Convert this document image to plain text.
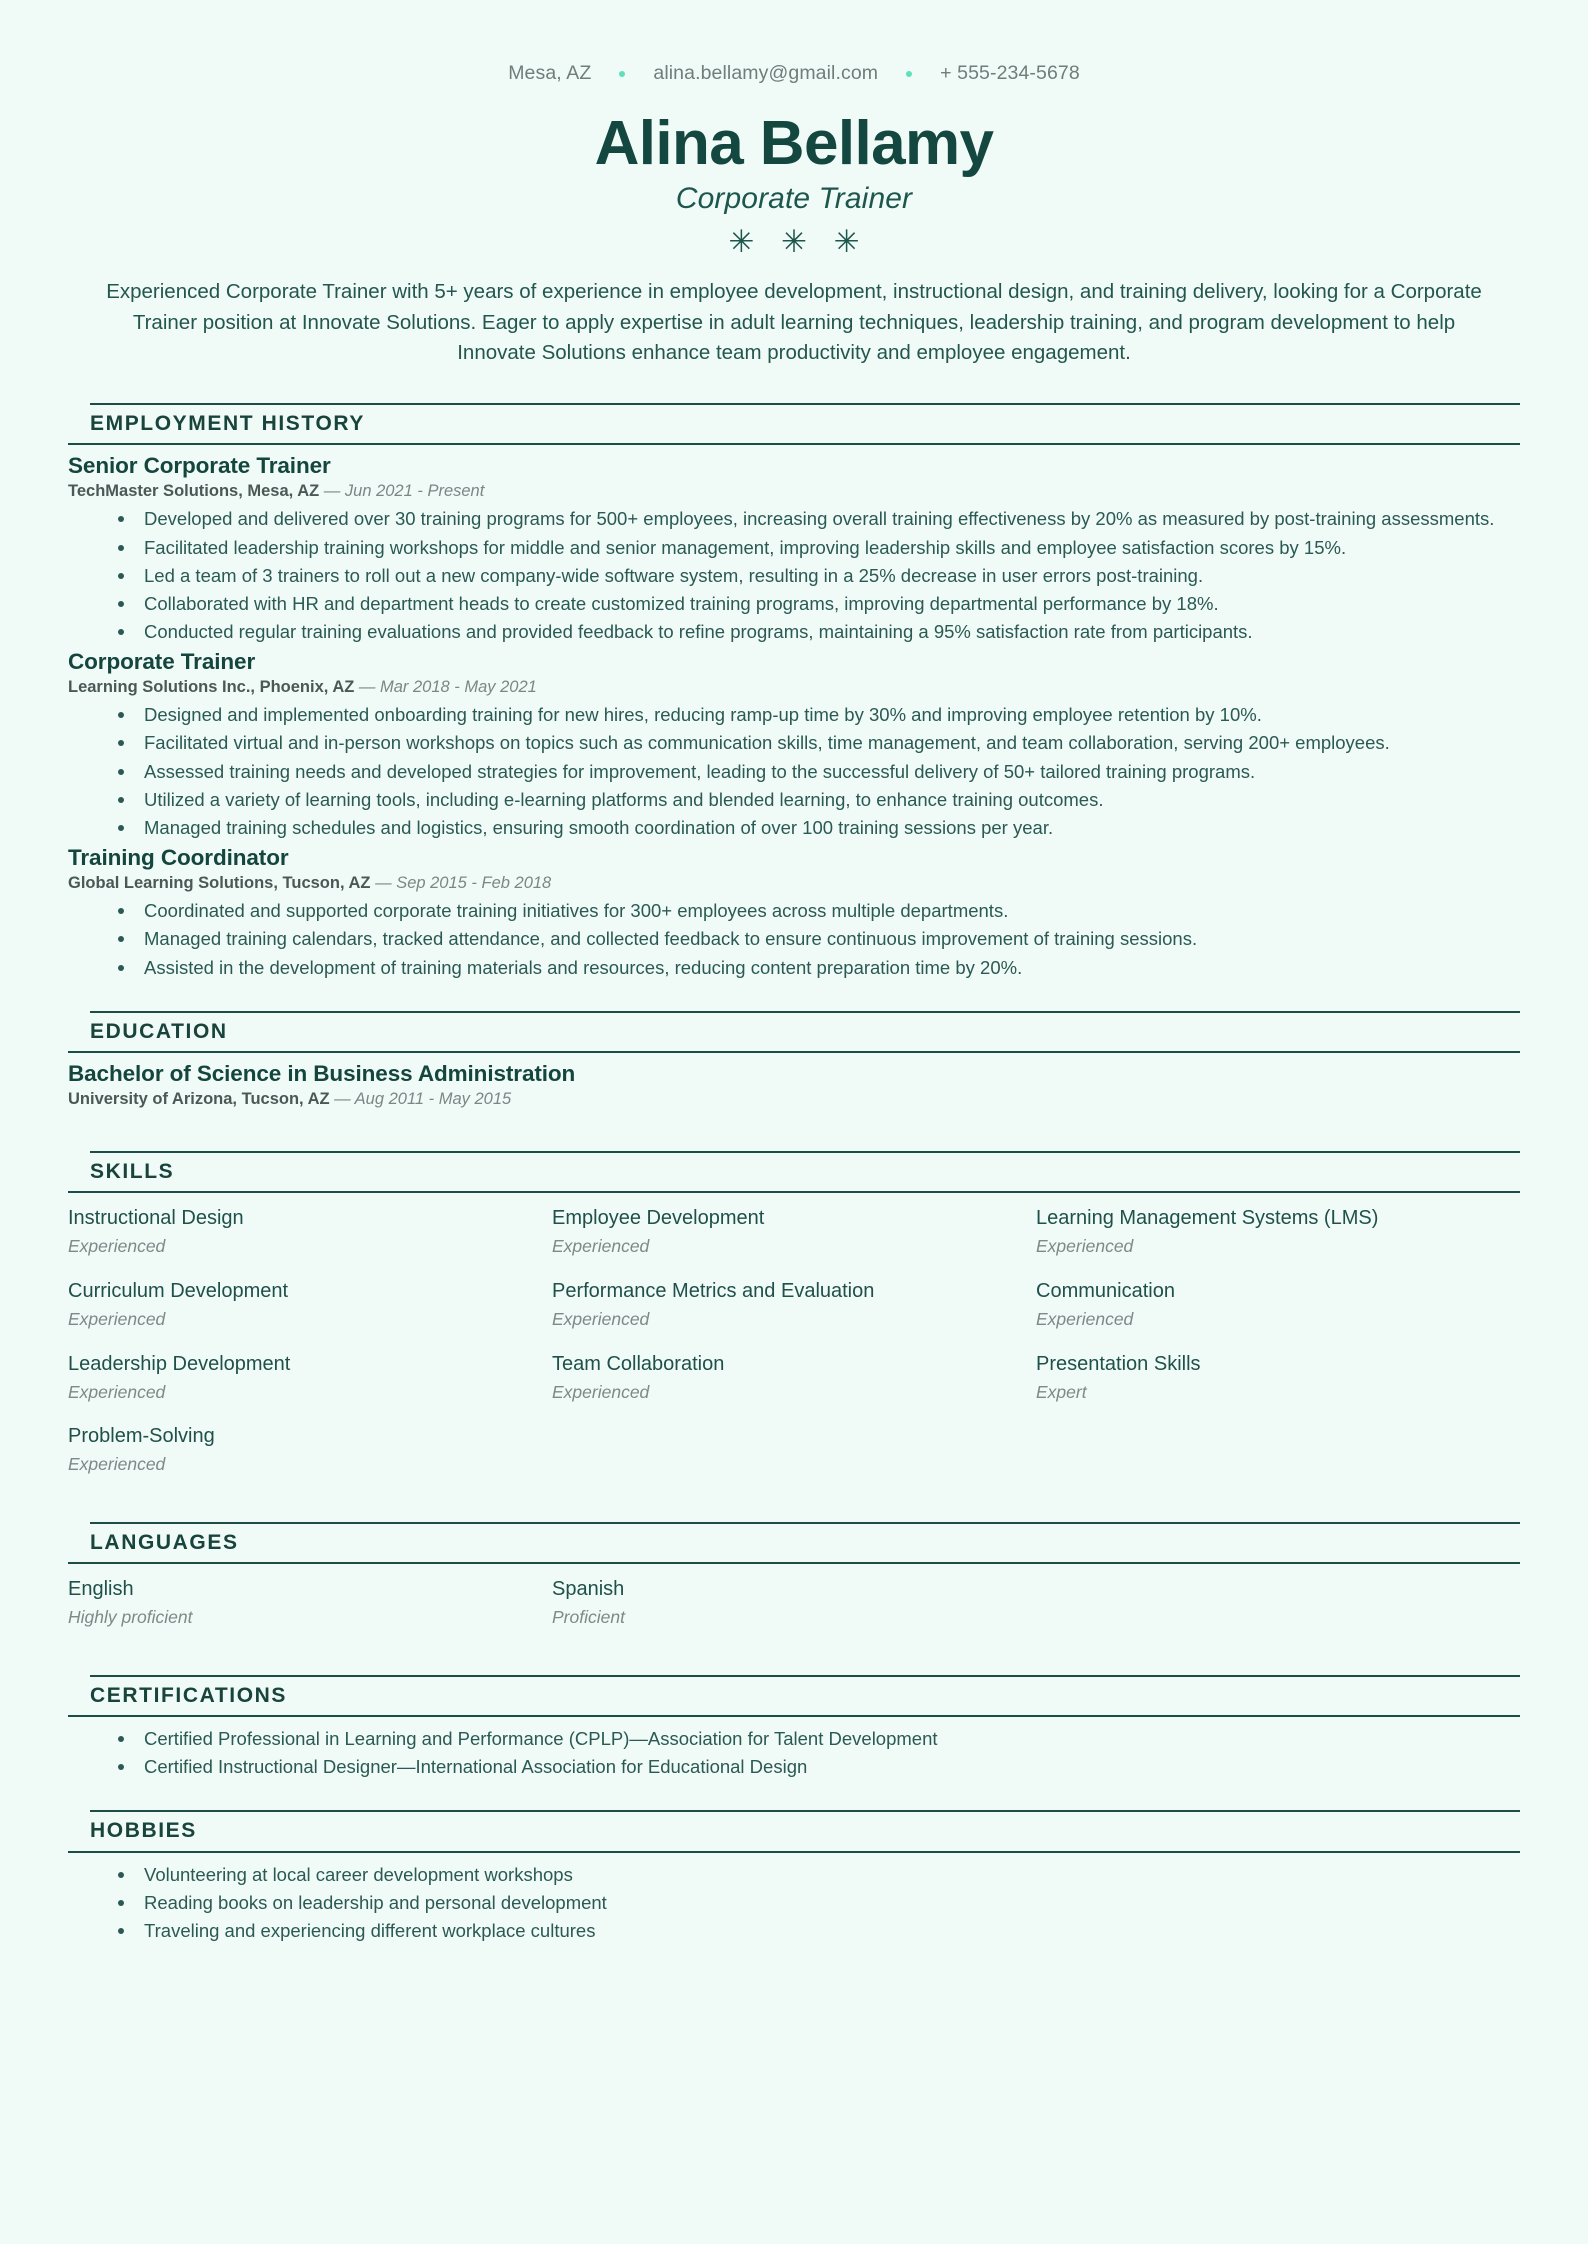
Mesa, AZ	alina.bellamy@gmail.com	+ 555-234-5678
Alina Bellamy
Corporate Trainer
✳ ✳ ✳
Experienced Corporate Trainer with 5+ years of experience in employee development, instructional design, and training delivery, looking for a Corporate Trainer position at Innovate Solutions. Eager to apply expertise in adult learning techniques, leadership training, and program development to help Innovate Solutions enhance team productivity and employee engagement.
EMPLOYMENT HISTORY
Senior Corporate Trainer
TechMaster Solutions, Mesa, AZ — Jun 2021 - Present
Developed and delivered over 30 training programs for 500+ employees, increasing overall training effectiveness by 20% as measured by post-training assessments.
Facilitated leadership training workshops for middle and senior management, improving leadership skills and employee satisfaction scores by 15%.
Led a team of 3 trainers to roll out a new company-wide software system, resulting in a 25% decrease in user errors post-training.
Collaborated with HR and department heads to create customized training programs, improving departmental performance by 18%.
Conducted regular training evaluations and provided feedback to refine programs, maintaining a 95% satisfaction rate from participants.
Corporate Trainer
Learning Solutions Inc., Phoenix, AZ — Mar 2018 - May 2021
Designed and implemented onboarding training for new hires, reducing ramp-up time by 30% and improving employee retention by 10%.
Facilitated virtual and in-person workshops on topics such as communication skills, time management, and team collaboration, serving 200+ employees.
Assessed training needs and developed strategies for improvement, leading to the successful delivery of 50+ tailored training programs.
Utilized a variety of learning tools, including e-learning platforms and blended learning, to enhance training outcomes.
Managed training schedules and logistics, ensuring smooth coordination of over 100 training sessions per year.
Training Coordinator
Global Learning Solutions, Tucson, AZ — Sep 2015 - Feb 2018
Coordinated and supported corporate training initiatives for 300+ employees across multiple departments.
Managed training calendars, tracked attendance, and collected feedback to ensure continuous improvement of training sessions.
Assisted in the development of training materials and resources, reducing content preparation time by 20%.
EDUCATION
Bachelor of Science in Business Administration
University of Arizona, Tucson, AZ — Aug 2011 - May 2015
SKILLS
Instructional Design
Experienced
Employee Development
Experienced
Learning Management Systems (LMS)
Experienced
Curriculum Development
Experienced
Performance Metrics and Evaluation
Experienced
Communication
Experienced
Leadership Development
Experienced
Team Collaboration
Experienced
Presentation Skills
Expert
Problem-Solving
Experienced
LANGUAGES
English
Highly proficient
Spanish
Proficient
CERTIFICATIONS
Certified Professional in Learning and Performance (CPLP)—Association for Talent Development
Certified Instructional Designer—International Association for Educational Design
HOBBIES
Volunteering at local career development workshops
Reading books on leadership and personal development
Traveling and experiencing different workplace cultures
